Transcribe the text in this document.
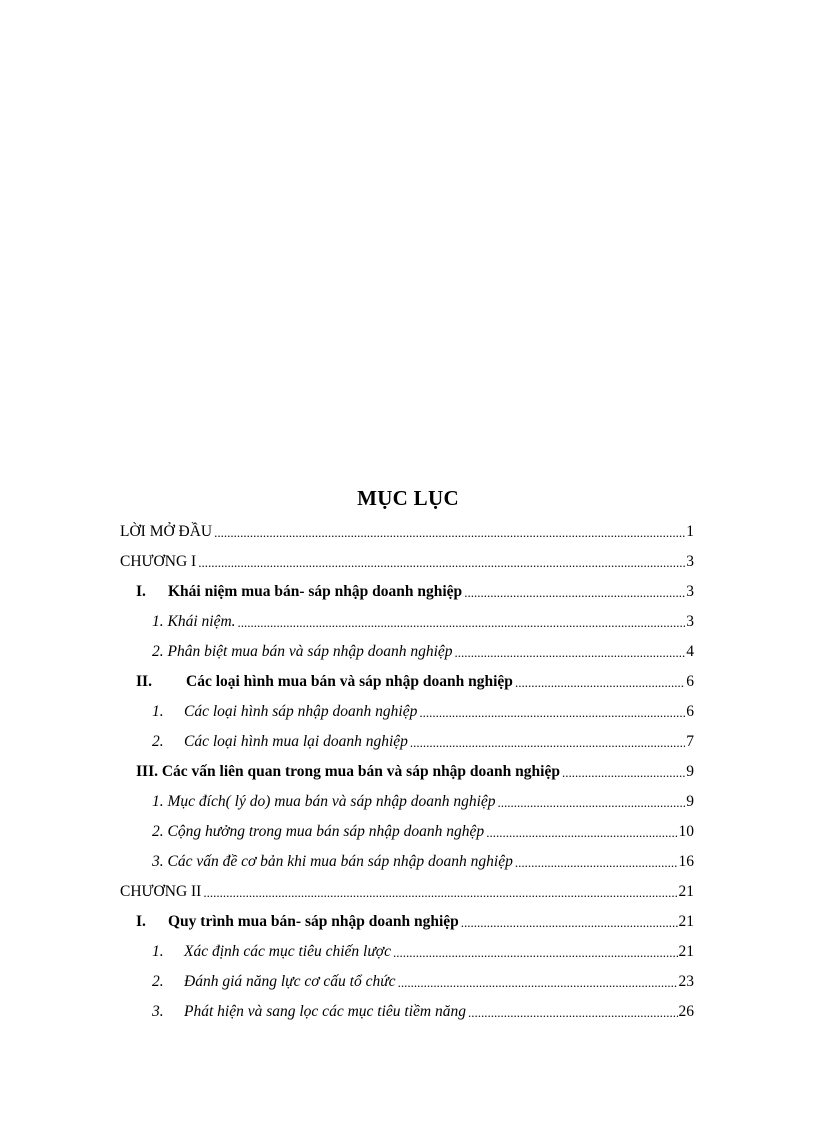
MỤC LỤC
LỜI MỞ ĐẦU .....	1
CHƯƠNG I .....	3
I.	Khái niệm mua bán- sáp nhập doanh nghiệp .....	3
1. Khái niệm. .....	3
2. Phân biệt mua bán và sáp nhập doanh nghiệp .....	4
II.	Các loại hình mua bán và sáp nhập doanh nghiệp .....	6
1.	Các loại hình sáp nhập doanh nghiệp .....	6
2.	Các loại hình mua lại doanh nghiệp .....	7
III. Các vấn liên quan trong mua bán và sáp nhập doanh nghiệp .....	9
1. Mục đích( lý do) mua bán và sáp nhập doanh nghiệp .....	9
2. Cộng hưởng trong mua bán sáp nhập doanh nghệp .....	10
3. Các vấn đề cơ bản khi mua bán sáp nhập doanh nghiệp .....	16
CHƯƠNG II .....	21
I.	Quy trình mua bán- sáp nhập doanh nghiệp .....	21
1.	Xác định các mục tiêu chiến lược .....	21
2.	Đánh giá năng lực cơ cấu tổ chức .....	23
3.	Phát hiện và sang lọc các mục tiêu tiềm năng .....	26
